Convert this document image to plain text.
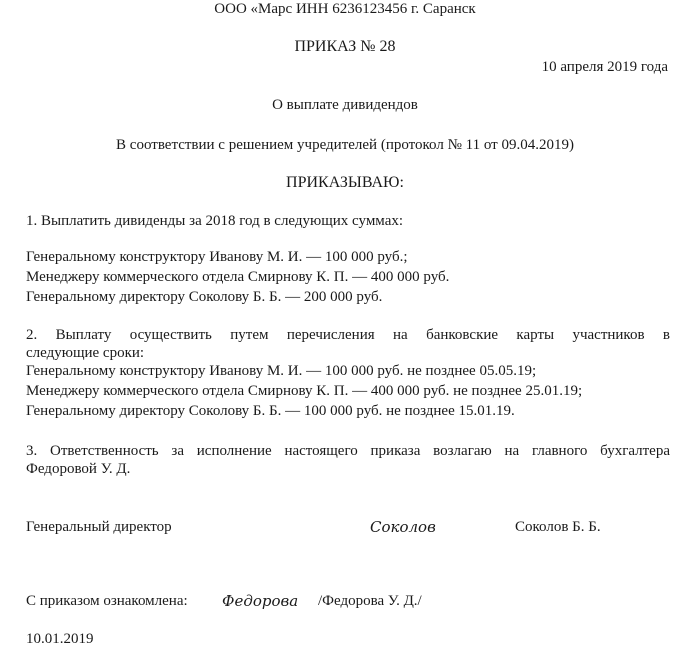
ООО «Марс ИНН 6236123456 г. Саранск
ПРИКАЗ № 28
10 апреля 2019 года
О выплате дивидендов
В соответствии с решением учредителей (протокол № 11 от 09.04.2019)
ПРИКАЗЫВАЮ:
1. Выплатить дивиденды за 2018 год в следующих суммах:
Генеральному конструктору Иванову М. И. — 100 000 руб.;
Менеджеру коммерческого отдела Смирнову К. П. — 400 000 руб.
Генеральному директору Соколову Б. Б. — 200 000 руб.
2. Выплату осуществить путем перечисления на банковские карты участников в
следующие сроки:
Генеральному конструктору Иванову М. И. — 100 000 руб. не позднее 05.05.19;
Менеджеру коммерческого отдела Смирнову К. П. — 400 000 руб. не позднее 25.01.19;
Генеральному директору Соколову Б. Б. — 100 000 руб. не позднее 15.01.19.
3. Ответственность за исполнение настоящего приказа возлагаю на главного бухгалтера
Федоровой У. Д.
Генеральный директор	Соколов	Соколов Б. Б.
С приказом ознакомлена: Федорова /Федорова У. Д./
10.01.2019
